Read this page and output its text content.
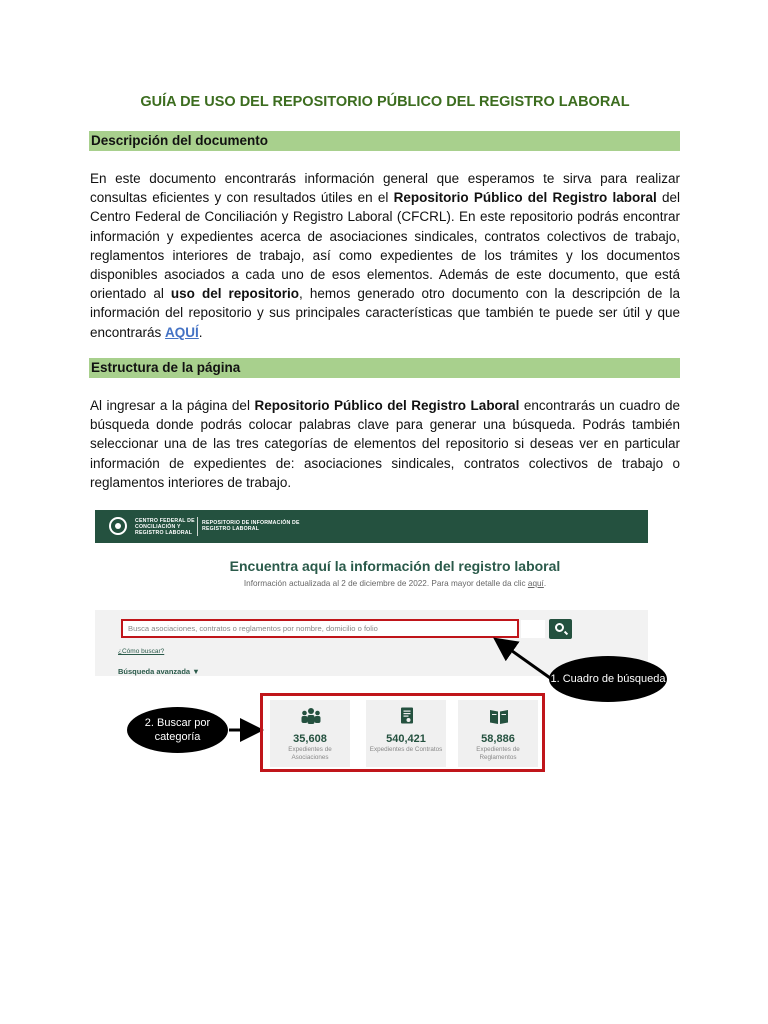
GUÍA DE USO DEL REPOSITORIO PÚBLICO DEL REGISTRO LABORAL
Descripción del documento
En este documento encontrarás información general que esperamos te sirva para realizar consultas eficientes y con resultados útiles en el Repositorio Público del Registro laboral del Centro Federal de Conciliación y Registro Laboral (CFCRL). En este repositorio podrás encontrar información y expedientes acerca de asociaciones sindicales, contratos colectivos de trabajo, reglamentos interiores de trabajo, así como expedientes de los trámites y los documentos disponibles asociados a cada uno de esos elementos. Además de este documento, que está orientado al uso del repositorio, hemos generado otro documento con la descripción de la información del repositorio y sus principales características que también te puede ser útil y que encontrarás AQUÍ.
Estructura de la página
Al ingresar a la página del Repositorio Público del Registro Laboral encontrarás un cuadro de búsqueda donde podrás colocar palabras clave para generar una búsqueda. Podrás también seleccionar una de las tres categorías de elementos del repositorio si deseas ver en particular información de expedientes de: asociaciones sindicales, contratos colectivos de trabajo o reglamentos interiores de trabajo.
CENTRO FEDERAL DE CONCILIACIÓN Y REGISTRO LABORAL
REPOSITORIO DE INFORMACIÓN DE REGISTRO LABORAL
Encuentra aquí la información del registro laboral
Información actualizada al 2 de diciembre de 2022. Para mayor detalle da clic aquí.
Busca asociaciones, contratos o reglamentos por nombre, domicilio o folio
¿Cómo buscar?
Búsqueda avanzada ▼
1. Cuadro de búsqueda
2. Buscar por categoría	35,608
Expedientes de Asociaciones
540,421
Expedientes de Contratos
58,886
Expedientes de Reglamentos
